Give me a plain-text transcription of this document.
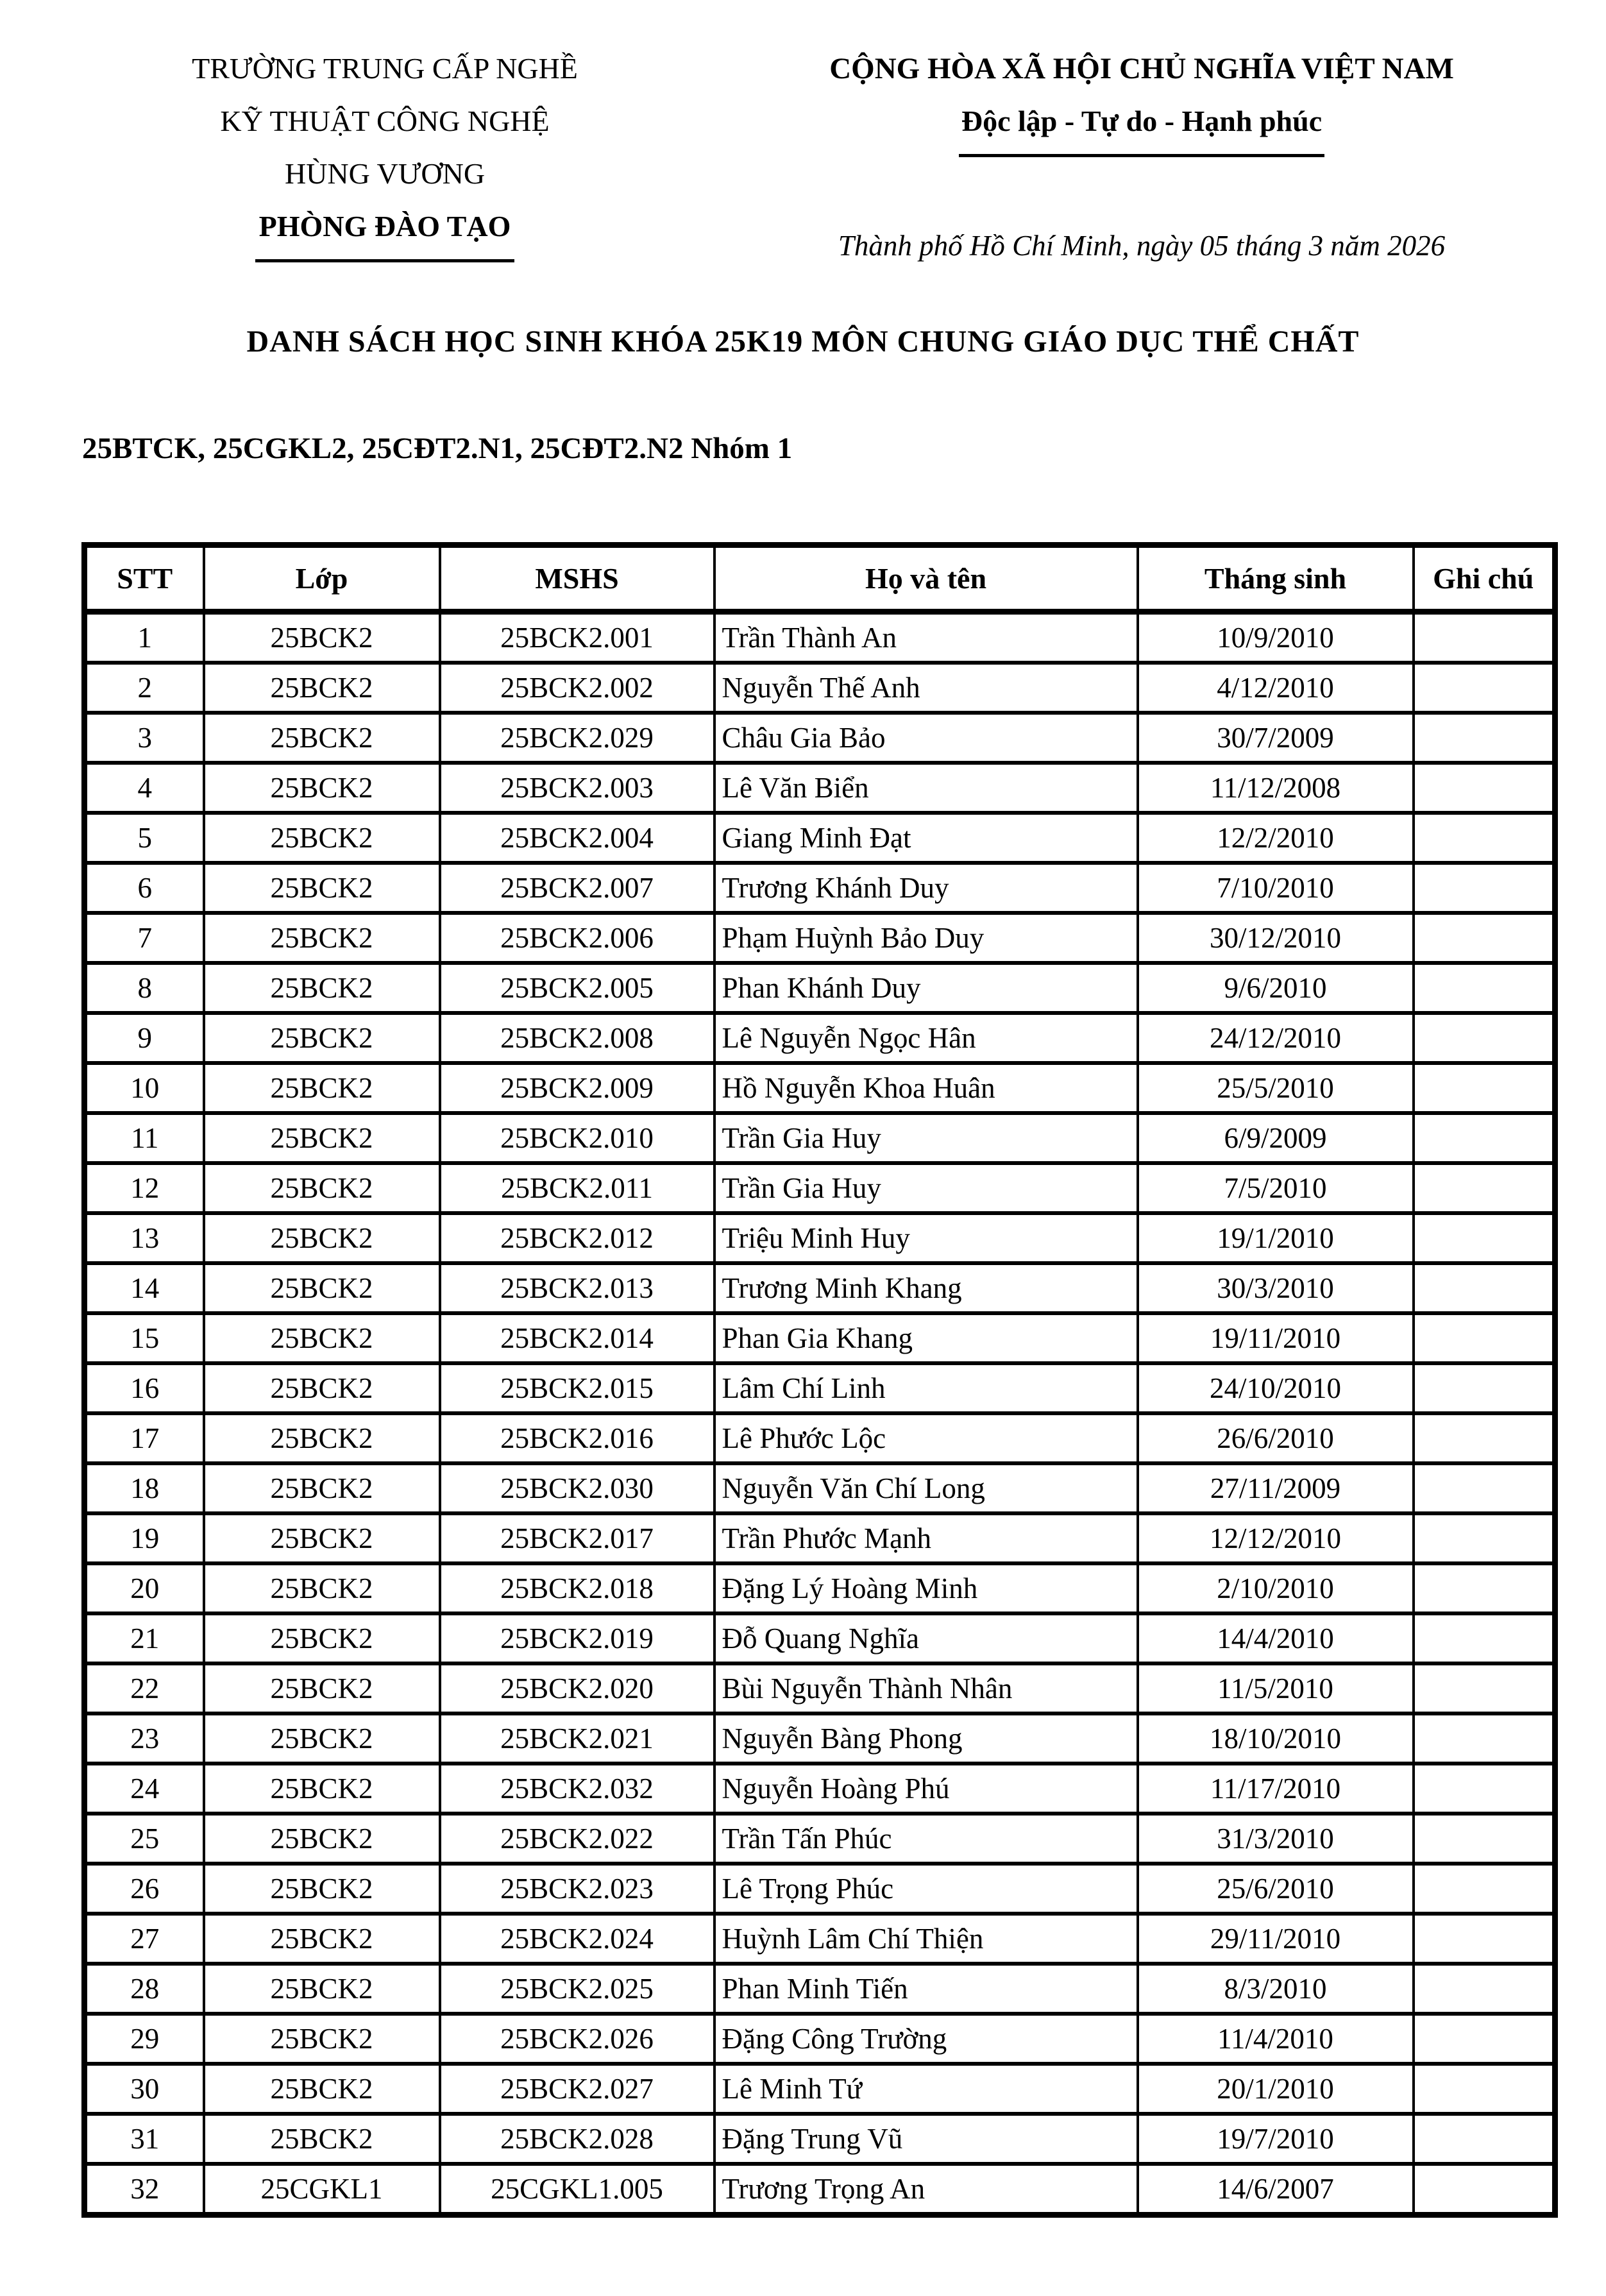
TRƯỜNG TRUNG CẤP NGHỀ
KỸ THUẬT CÔNG NGHỆ
HÙNG VƯƠNG
PHÒNG ĐÀO TẠO
CỘNG HÒA XÃ HỘI CHỦ NGHĨA VIỆT NAM
Độc lập - Tự do - Hạnh phúc
Thành phố Hồ Chí Minh, ngày 05 tháng 3 năm 2026
DANH SÁCH HỌC SINH KHÓA 25K19 MÔN CHUNG GIÁO DỤC THỂ CHẤT
25BTCK, 25CGKL2, 25CĐT2.N1, 25CĐT2.N2 Nhóm 1
STT	Lớp	MSHS	Họ và tên	Tháng sinh	Ghi chú
1	25BCK2	25BCK2.001	Trần Thành An	10/9/2010	
2	25BCK2	25BCK2.002	Nguyễn Thế Anh	4/12/2010	
3	25BCK2	25BCK2.029	Châu Gia Bảo	30/7/2009	
4	25BCK2	25BCK2.003	Lê Văn Biển	11/12/2008	
5	25BCK2	25BCK2.004	Giang Minh Đạt	12/2/2010	
6	25BCK2	25BCK2.007	Trương Khánh Duy	7/10/2010	
7	25BCK2	25BCK2.006	Phạm Huỳnh Bảo Duy	30/12/2010	
8	25BCK2	25BCK2.005	Phan Khánh Duy	9/6/2010	
9	25BCK2	25BCK2.008	Lê Nguyễn Ngọc Hân	24/12/2010	
10	25BCK2	25BCK2.009	Hồ Nguyễn Khoa Huân	25/5/2010	
11	25BCK2	25BCK2.010	Trần Gia Huy	6/9/2009	
12	25BCK2	25BCK2.011	Trần Gia Huy	7/5/2010	
13	25BCK2	25BCK2.012	Triệu Minh Huy	19/1/2010	
14	25BCK2	25BCK2.013	Trương Minh Khang	30/3/2010	
15	25BCK2	25BCK2.014	Phan Gia Khang	19/11/2010	
16	25BCK2	25BCK2.015	Lâm Chí Linh	24/10/2010	
17	25BCK2	25BCK2.016	Lê Phước Lộc	26/6/2010	
18	25BCK2	25BCK2.030	Nguyễn Văn Chí Long	27/11/2009	
19	25BCK2	25BCK2.017	Trần Phước Mạnh	12/12/2010	
20	25BCK2	25BCK2.018	Đặng Lý Hoàng Minh	2/10/2010	
21	25BCK2	25BCK2.019	Đỗ Quang Nghĩa	14/4/2010	
22	25BCK2	25BCK2.020	Bùi Nguyễn Thành Nhân	11/5/2010	
23	25BCK2	25BCK2.021	Nguyễn Bàng Phong	18/10/2010	
24	25BCK2	25BCK2.032	Nguyễn Hoàng Phú	11/17/2010	
25	25BCK2	25BCK2.022	Trần Tấn Phúc	31/3/2010	
26	25BCK2	25BCK2.023	Lê Trọng Phúc	25/6/2010	
27	25BCK2	25BCK2.024	Huỳnh Lâm Chí Thiện	29/11/2010	
28	25BCK2	25BCK2.025	Phan Minh Tiến	8/3/2010	
29	25BCK2	25BCK2.026	Đặng Công Trường	11/4/2010	
30	25BCK2	25BCK2.027	Lê Minh Tứ	20/1/2010	
31	25BCK2	25BCK2.028	Đặng Trung Vũ	19/7/2010	
32	25CGKL1	25CGKL1.005	Trương Trọng An	14/6/2007	
